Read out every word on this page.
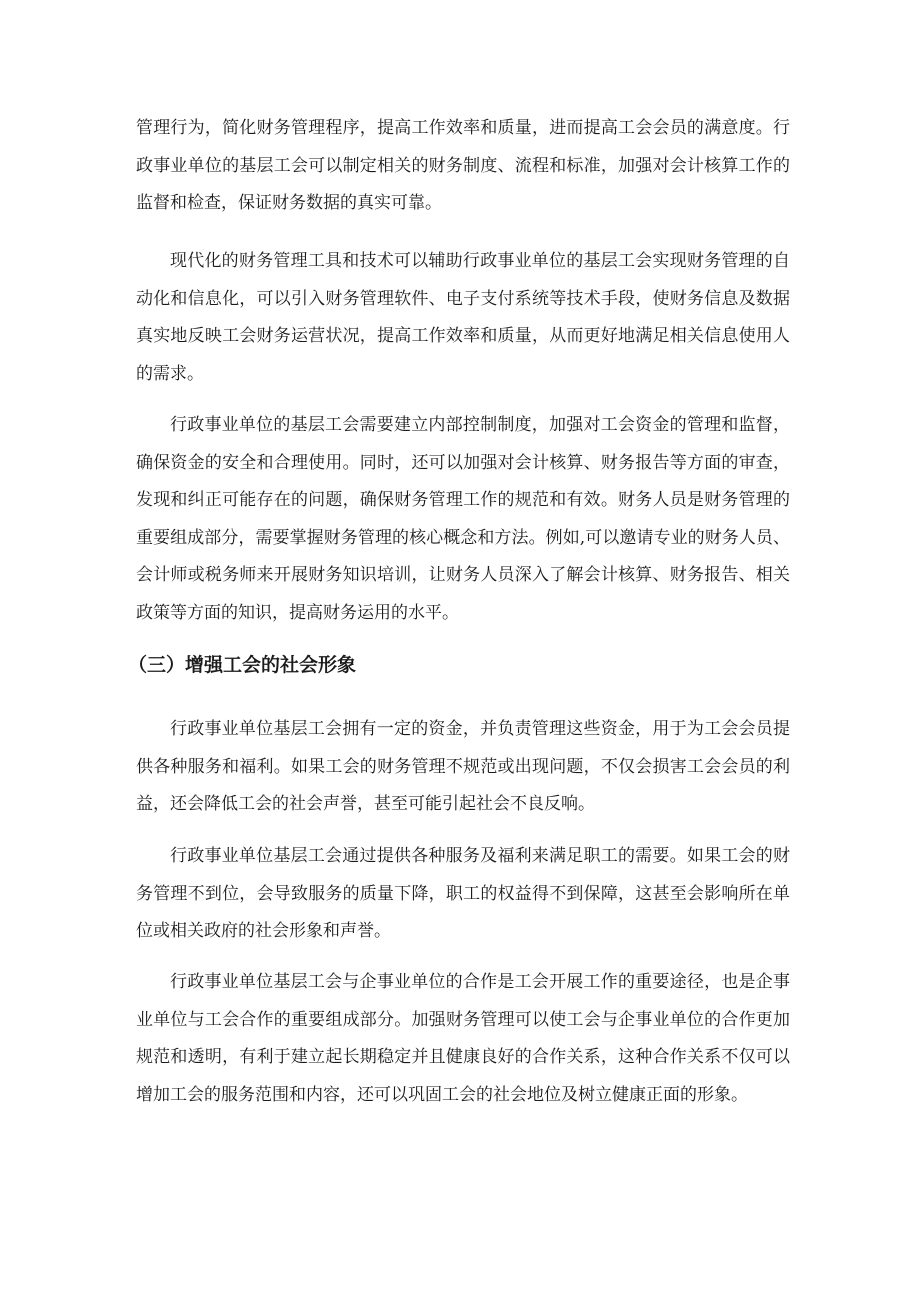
管理行为，简化财务管理程序，提高工作效率和质量，进而提高工会会员的满意度。行政事业单位的基层工会可以制定相关的财务制度、流程和标准，加强对会计核算工作的监督和检查，保证财务数据的真实可靠。

现代化的财务管理工具和技术可以辅助行政事业单位的基层工会实现财务管理的自动化和信息化，可以引入财务管理软件、电子支付系统等技术手段，使财务信息及数据真实地反映工会财务运营状况，提高工作效率和质量，从而更好地满足相关信息使用人的需求。

行政事业单位的基层工会需要建立内部控制制度，加强对工会资金的管理和监督，确保资金的安全和合理使用。同时，还可以加强对会计核算、财务报告等方面的审查，发现和纠正可能存在的问题，确保财务管理工作的规范和有效。财务人员是财务管理的重要组成部分，需要掌握财务管理的核心概念和方法。例如,可以邀请专业的财务人员、会计师或税务师来开展财务知识培训，让财务人员深入了解会计核算、财务报告、相关政策等方面的知识，提高财务运用的水平。

（三）增强工会的社会形象

行政事业单位基层工会拥有一定的资金，并负责管理这些资金，用于为工会会员提供各种服务和福利。如果工会的财务管理不规范或出现问题，不仅会损害工会会员的利益，还会降低工会的社会声誉，甚至可能引起社会不良反响。

行政事业单位基层工会通过提供各种服务及福利来满足职工的需要。如果工会的财务管理不到位，会导致服务的质量下降，职工的权益得不到保障，这甚至会影响所在单位或相关政府的社会形象和声誉。

行政事业单位基层工会与企事业单位的合作是工会开展工作的重要途径，也是企事业单位与工会合作的重要组成部分。加强财务管理可以使工会与企事业单位的合作更加规范和透明，有利于建立起长期稳定并且健康良好的合作关系，这种合作关系不仅可以增加工会的服务范围和内容，还可以巩固工会的社会地位及树立健康正面的形象。
